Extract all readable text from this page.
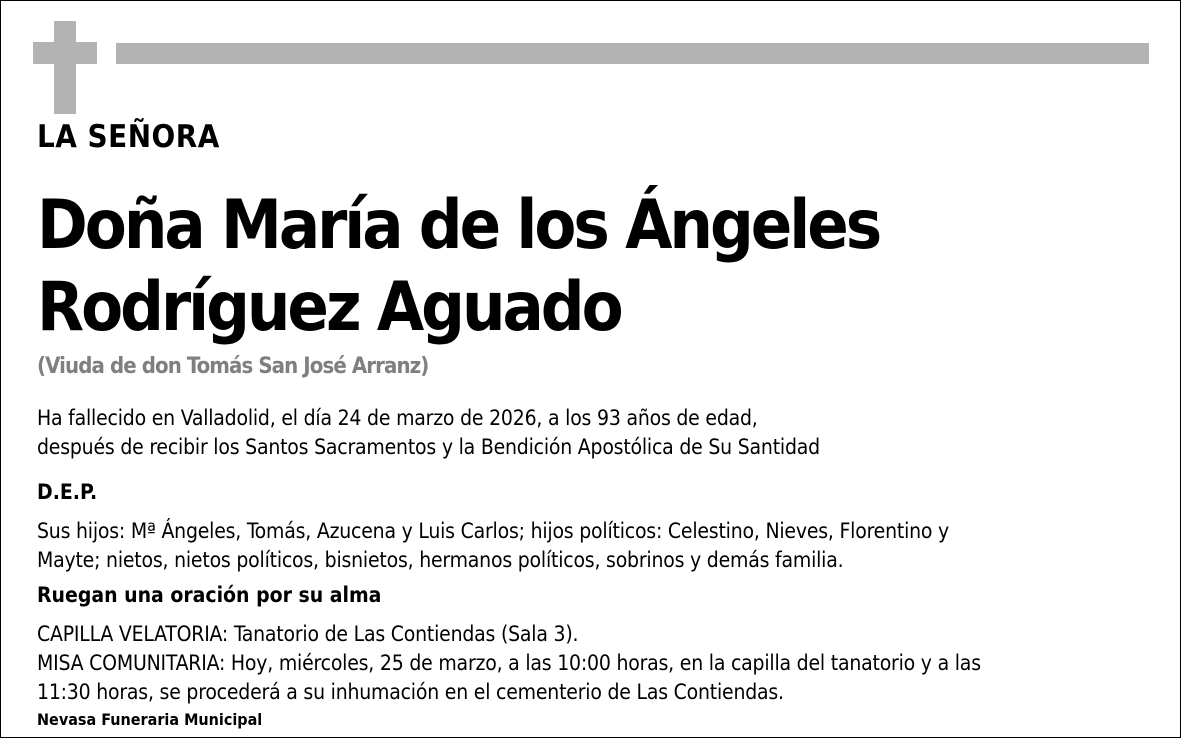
LA SEÑORA
Doña María de los Ángeles
Rodríguez Aguado
(Viuda de don Tomás San José Arranz)
Ha fallecido en Valladolid, el día 24 de marzo de 2026, a los 93 años de edad,
después de recibir los Santos Sacramentos y la Bendición Apostólica de Su Santidad
D.E.P.
Sus hijos: Mª Ángeles, Tomás, Azucena y Luis Carlos; hijos políticos: Celestino, Nieves, Florentino y
Mayte; nietos, nietos políticos, bisnietos, hermanos políticos, sobrinos y demás familia.
Ruegan una oración por su alma
CAPILLA VELATORIA: Tanatorio de Las Contiendas (Sala 3).
MISA COMUNITARIA: Hoy, miércoles, 25 de marzo, a las 10:00 horas, en la capilla del tanatorio y a las
11:30 horas, se procederá a su inhumación en el cementerio de Las Contiendas.
Nevasa Funeraria Municipal
